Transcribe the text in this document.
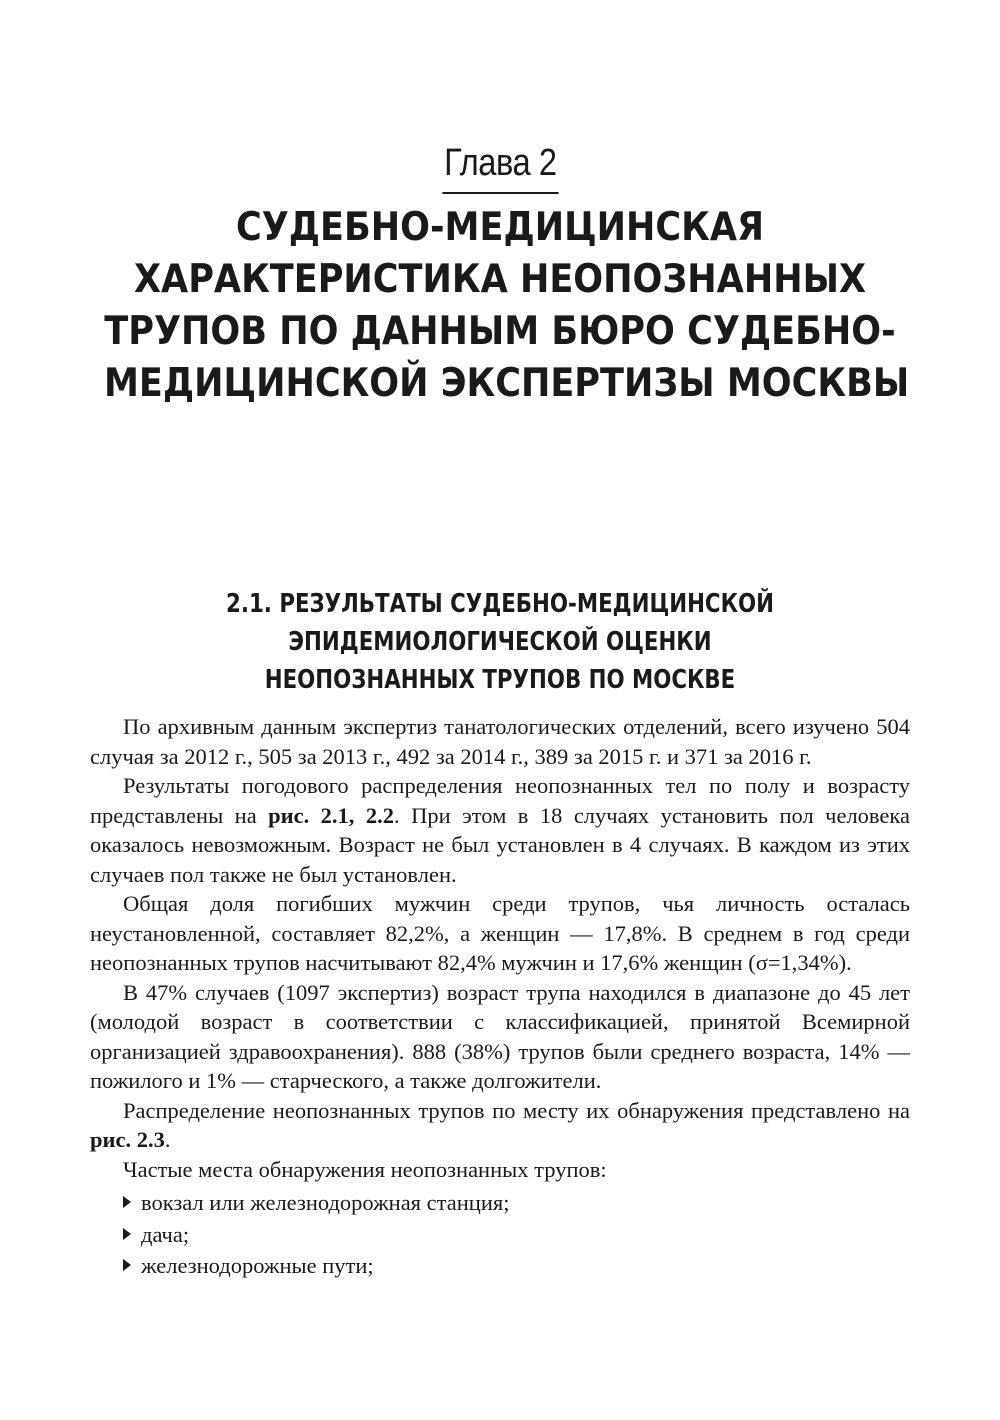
Глава 2
СУДЕБНО-МЕДИЦИНСКАЯ
ХАРАКТЕРИСТИКА НЕОПОЗНАННЫХ
ТРУПОВ ПО ДАННЫМ БЮРО СУДЕБНО-
МЕДИЦИНСКОЙ ЭКСПЕРТИЗЫ МОСКВЫ
2.1. РЕЗУЛЬТАТЫ СУДЕБНО-МЕДИЦИНСКОЙ
ЭПИДЕМИОЛОГИЧЕСКОЙ ОЦЕНКИ
НЕОПОЗНАННЫХ ТРУПОВ ПО МОСКВЕ

По архивным данным экспертиз танатологических отделений, всего изучено 504 случая за 2012 г., 505 за 2013 г., 492 за 2014 г., 389 за 2015 г. и 371 за 2016 г.

Результаты погодового распределения неопознанных тел по полу и возрасту представлены на рис. 2.1, 2.2. При этом в 18 случаях установить пол человека оказалось невозможным. Возраст не был установлен в 4 случаях. В каждом из этих случаев пол также не был установлен.

Общая доля погибших мужчин среди трупов, чья личность осталась неустановленной, составляет 82,2%, а женщин — 17,8%. В среднем в год среди неопознанных трупов насчитывают 82,4% мужчин и 17,6% женщин (σ=1,34%).

В 47% случаев (1097 экспертиз) возраст трупа находился в диапазоне до 45 лет (молодой возраст в соответствии с классификацией, принятой Всемирной организацией здравоохранения). 888 (38%) трупов были среднего возраста, 14% — пожилого и 1% — старческого, а также долгожители.

Распределение неопознанных трупов по месту их обнаружения представлено на рис. 2.3.

Частые места обнаружения неопознанных трупов:

вокзал или железнодорожная станция;
дача;
железнодорожные пути;
